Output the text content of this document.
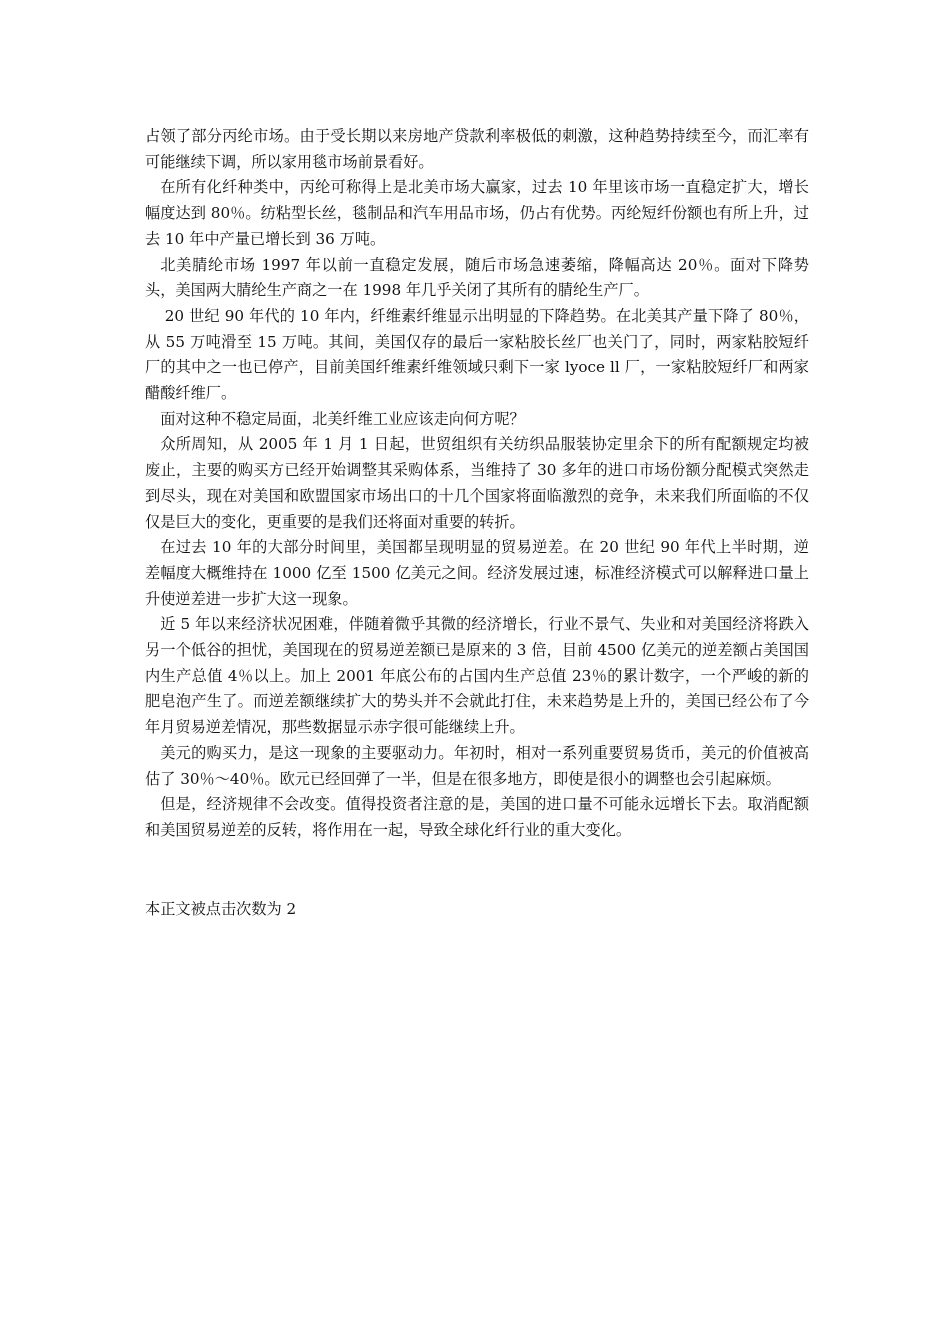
占领了部分丙纶市场。由于受长期以来房地产贷款利率极低的刺激，这种趋势持续至今，而汇率有可能继续下调，所以家用毯市场前景看好。

在所有化纤种类中，丙纶可称得上是北美市场大赢家，过去 10 年里该市场一直稳定扩大，增长幅度达到 80％。纺粘型长丝，毯制品和汽车用品市场，仍占有优势。丙纶短纤份额也有所上升，过去 10 年中产量已增长到 36 万吨。

北美腈纶市场 1997 年以前一直稳定发展，随后市场急速萎缩，降幅高达 20％。面对下降势头，美国两大腈纶生产商之一在 1998 年几乎关闭了其所有的腈纶生产厂。

20 世纪 90 年代的 10 年内，纤维素纤维显示出明显的下降趋势。在北美其产量下降了 80％，从 55 万吨滑至 15 万吨。其间，美国仅存的最后一家粘胶长丝厂也关门了，同时，两家粘胶短纤厂的其中之一也已停产，目前美国纤维素纤维领域只剩下一家 lyoce ll 厂，一家粘胶短纤厂和两家醋酸纤维厂。

面对这种不稳定局面，北美纤维工业应该走向何方呢？

众所周知，从 2005 年 1 月 1 日起，世贸组织有关纺织品服装协定里余下的所有配额规定均被废止，主要的购买方已经开始调整其采购体系，当维持了 30 多年的进口市场份额分配模式突然走到尽头，现在对美国和欧盟国家市场出口的十几个国家将面临激烈的竞争，未来我们所面临的不仅仅是巨大的变化，更重要的是我们还将面对重要的转折。

在过去 10 年的大部分时间里，美国都呈现明显的贸易逆差。在 20 世纪 90 年代上半时期，逆差幅度大概维持在 1000 亿至 1500 亿美元之间。经济发展过速，标准经济模式可以解释进口量上升使逆差进一步扩大这一现象。

近 5 年以来经济状况困难，伴随着微乎其微的经济增长，行业不景气、失业和对美国经济将跌入另一个低谷的担忧，美国现在的贸易逆差额已是原来的 3 倍，目前 4500 亿美元的逆差额占美国国内生产总值 4％以上。加上 2001 年底公布的占国内生产总值 23％的累计数字，一个严峻的新的肥皂泡产生了。而逆差额继续扩大的势头并不会就此打住，未来趋势是上升的，美国已经公布了今年月贸易逆差情况，那些数据显示赤字很可能继续上升。

美元的购买力，是这一现象的主要驱动力。年初时，相对一系列重要贸易货币，美元的价值被高估了 30％～40％。欧元已经回弹了一半，但是在很多地方，即使是很小的调整也会引起麻烦。

但是，经济规律不会改变。值得投资者注意的是，美国的进口量不可能永远增长下去。取消配额和美国贸易逆差的反转，将作用在一起，导致全球化纤行业的重大变化。

本正文被点击次数为 2
